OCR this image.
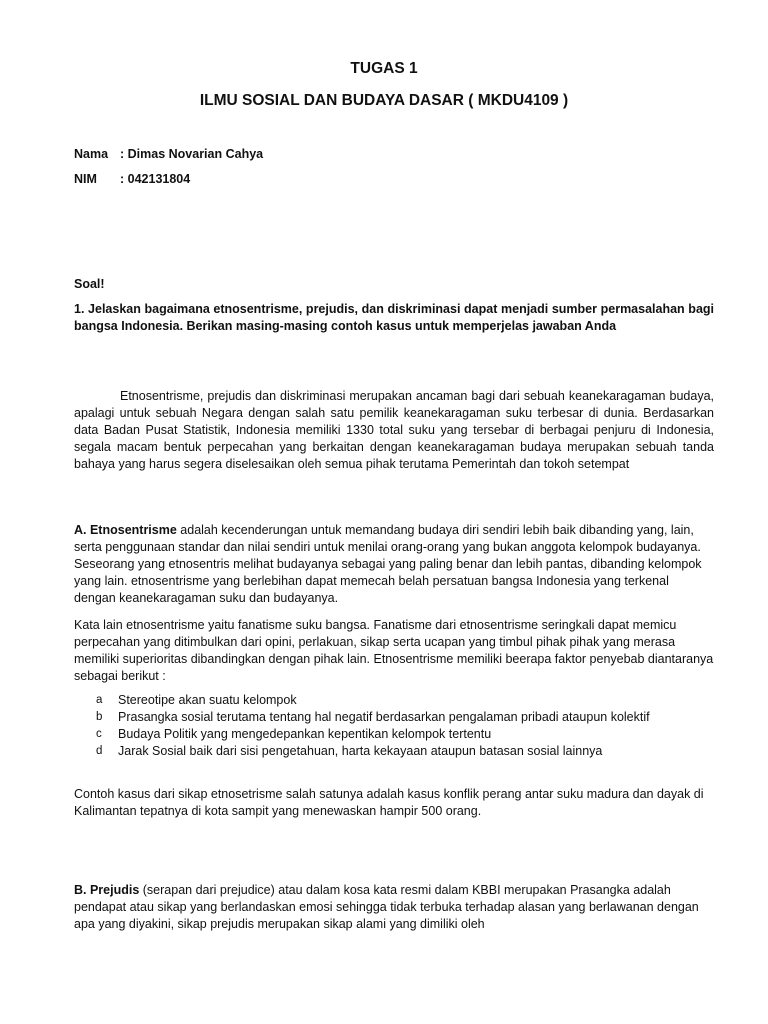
TUGAS 1
ILMU SOSIAL DAN BUDAYA DASAR ( MKDU4109 )
Nama : Dimas Novarian Cahya
NIM : 042131804
Soal!
1. Jelaskan bagaimana etnosentrisme, prejudis, dan diskriminasi dapat menjadi sumber permasalahan bagi bangsa Indonesia. Berikan masing-masing contoh kasus untuk memperjelas jawaban Anda
Etnosentrisme, prejudis dan diskriminasi merupakan ancaman bagi dari sebuah keanekaragaman budaya, apalagi untuk sebuah Negara dengan salah satu pemilik keanekaragaman suku terbesar di dunia. Berdasarkan data Badan Pusat Statistik, Indonesia memiliki 1330 total suku yang tersebar di berbagai penjuru di Indonesia, segala macam bentuk perpecahan yang berkaitan dengan keanekaragaman budaya merupakan sebuah tanda bahaya yang harus segera diselesaikan oleh semua pihak terutama Pemerintah dan tokoh setempat
A. Etnosentrisme adalah kecenderungan untuk memandang budaya diri sendiri lebih baik dibanding yang, lain, serta penggunaan standar dan nilai sendiri untuk menilai orang-orang yang bukan anggota kelompok budayanya. Seseorang yang etnosentris melihat budayanya sebagai yang paling benar dan lebih pantas, dibanding kelompok yang lain. etnosentrisme yang berlebihan dapat memecah belah persatuan bangsa Indonesia yang terkenal dengan keanekaragaman suku dan budayanya.
Kata lain etnosentrisme yaitu fanatisme suku bangsa. Fanatisme dari etnosentrisme seringkali dapat memicu perpecahan yang ditimbulkan dari opini, perlakuan, sikap serta ucapan yang timbul pihak pihak yang merasa memiliki superioritas dibandingkan dengan pihak lain. Etnosentrisme memiliki beerapa faktor penyebab diantaranya sebagai berikut :
a	Stereotipe akan suatu kelompok
b	Prasangka sosial terutama tentang hal negatif berdasarkan pengalaman pribadi ataupun kolektif
c	Budaya Politik yang mengedepankan kepentikan kelompok tertentu
d	Jarak Sosial baik dari sisi pengetahuan, harta kekayaan ataupun batasan sosial lainnya
Contoh kasus dari sikap etnosetrisme salah satunya adalah kasus konflik perang antar suku madura dan dayak di Kalimantan tepatnya di kota sampit yang menewaskan hampir 500 orang.
B. Prejudis (serapan dari prejudice) atau dalam kosa kata resmi dalam KBBI merupakan Prasangka adalah pendapat atau sikap yang berlandaskan emosi sehingga tidak terbuka terhadap alasan yang berlawanan dengan apa yang diyakini, sikap prejudis merupakan sikap alami yang dimiliki oleh
